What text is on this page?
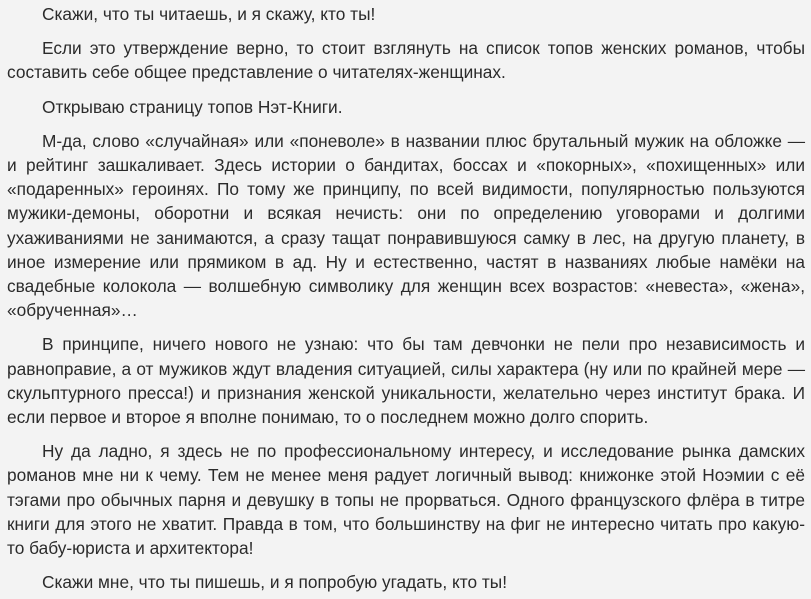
Скажи, что ты читаешь, и я скажу, кто ты!

Если это утверждение верно, то стоит взглянуть на список топов женских романов, чтобы составить себе общее представление о читателях-женщинах.

Открываю страницу топов Нэт-Книги.

М-да, слово «случайная» или «поневоле» в названии плюс брутальный мужик на обложке — и рейтинг зашкаливает. Здесь истории о бандитах, боссах и «покорных», «похищенных» или «подаренных» героинях. По тому же принципу, по всей видимости, популярностью пользуются мужики-демоны, оборотни и всякая нечисть: они по определению уговорами и долгими ухаживаниями не занимаются, а сразу тащат понравившуюся самку в лес, на другую планету, в иное измерение или прямиком в ад. Ну и естественно, частят в названиях любые намёки на свадебные колокола — волшебную символику для женщин всех возрастов: «невеста», «жена», «обрученная»…

В принципе, ничего нового не узнаю: что бы там девчонки не пели про независимость и равноправие, а от мужиков ждут владения ситуацией, силы характера (ну или по крайней мере — скульптурного пресса!) и признания женской уникальности, желательно через институт брака. И если первое и второе я вполне понимаю, то о последнем можно долго спорить.

Ну да ладно, я здесь не по профессиональному интересу, и исследование рынка дамских романов мне ни к чему. Тем не менее меня радует логичный вывод: книжонке этой Ноэмии с её тэгами про обычных парня и девушку в топы не прорваться. Одного французского флёра в титре книги для этого не хватит. Правда в том, что большинству на фиг не интересно читать про какую-то бабу-юриста и архитектора!

Скажи мне, что ты пишешь, и я попробую угадать, кто ты!
